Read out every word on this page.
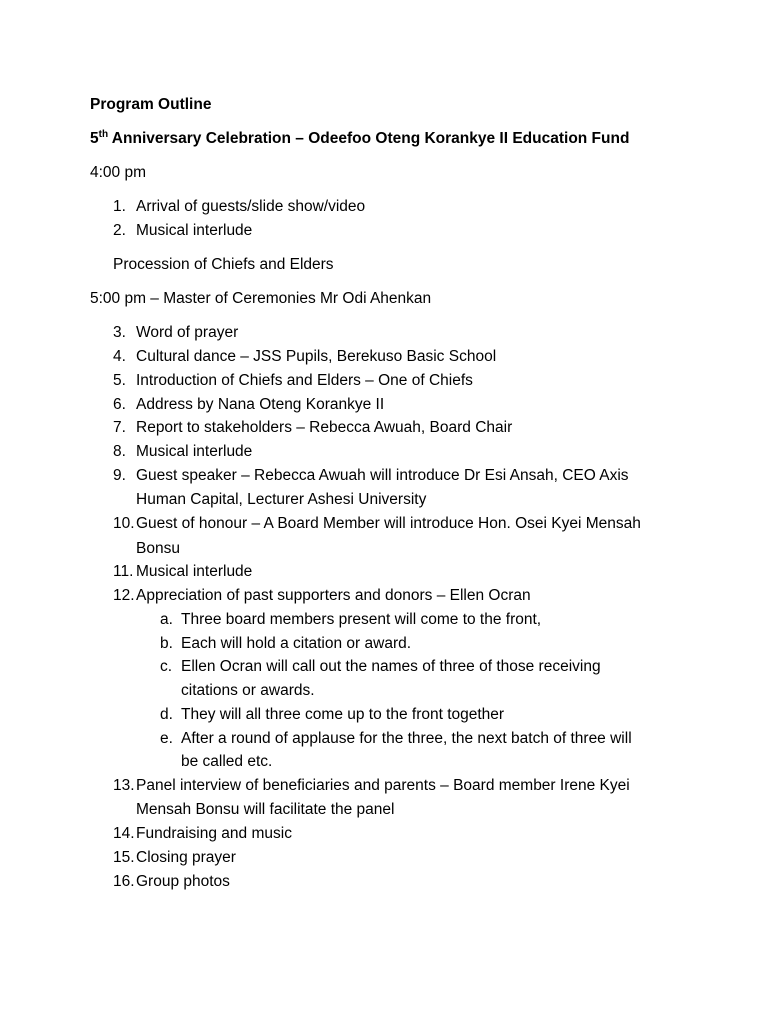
Program Outline
5th Anniversary Celebration – Odeefoo Oteng Korankye II Education Fund
4:00 pm
1. Arrival of guests/slide show/video
2. Musical interlude
Procession of Chiefs and Elders
5:00 pm – Master of Ceremonies Mr Odi Ahenkan
3. Word of prayer
4. Cultural dance – JSS Pupils, Berekuso Basic School
5. Introduction of Chiefs and Elders – One of Chiefs
6. Address by Nana Oteng Korankye II
7. Report to stakeholders – Rebecca Awuah, Board Chair
8. Musical interlude
9. Guest speaker – Rebecca Awuah will introduce Dr Esi Ansah, CEO Axis
Human Capital, Lecturer Ashesi University
10. Guest of honour – A Board Member will introduce Hon. Osei Kyei Mensah
Bonsu
11. Musical interlude
12. Appreciation of past supporters and donors – Ellen Ocran
a. Three board members present will come to the front,
b. Each will hold a citation or award.
c. Ellen Ocran will call out the names of three of those receiving
citations or awards.
d. They will all three come up to the front together
e. After a round of applause for the three, the next batch of three will
be called etc.
13. Panel interview of beneficiaries and parents – Board member Irene Kyei
Mensah Bonsu will facilitate the panel
14. Fundraising and music
15. Closing prayer
16. Group photos
